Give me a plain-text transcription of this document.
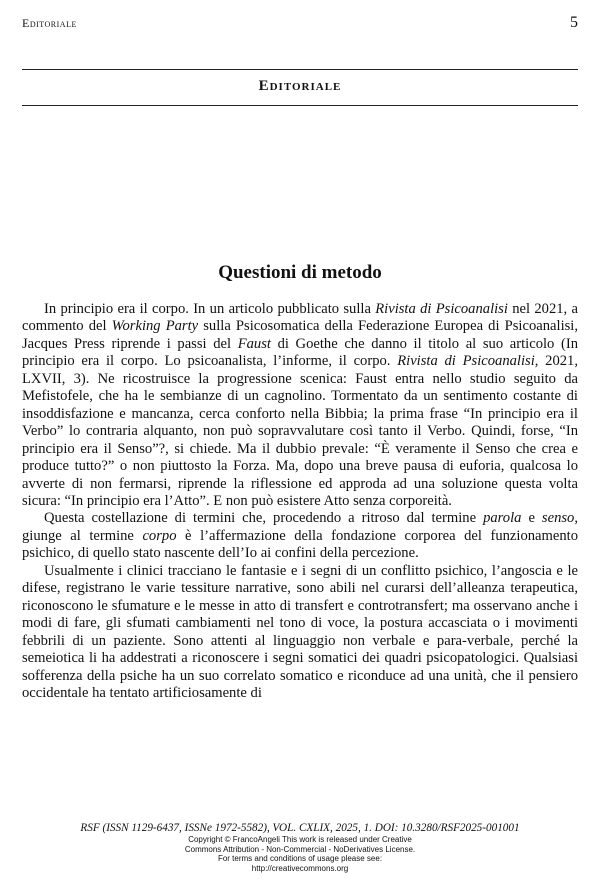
Editoriale	5
Editoriale
Questioni di metodo

In principio era il corpo. In un articolo pubblicato sulla Rivista di Psicoanalisi nel 2021, a commento del Working Party sulla Psicosomatica della Federazione Europea di Psicoanalisi, Jacques Press riprende i passi del Faust di Goethe che danno il titolo al suo articolo (In principio era il corpo. Lo psicoanalista, l’informe, il corpo. Rivista di Psicoanalisi, 2021, LXVII, 3). Ne ricostruisce la progressione scenica: Faust entra nello studio seguito da Mefistofele, che ha le sembianze di un cagnolino. Tormentato da un sentimento costante di insoddisfazione e mancanza, cerca conforto nella Bibbia; la prima frase “In principio era il Verbo” lo contraria alquanto, non può sopravvalutare così tanto il Verbo. Quindi, forse, “In principio era il Senso”?, si chiede. Ma il dubbio prevale: “È veramente il Senso che crea e produce tutto?” o non piuttosto la Forza. Ma, dopo una breve pausa di euforia, qualcosa lo avverte di non fermarsi, riprende la riflessione ed approda ad una soluzione questa volta sicura: “In principio era l’Atto”. E non può esistere Atto senza corporeità.

Questa costellazione di termini che, procedendo a ritroso dal termine parola e senso, giunge al termine corpo è l’affermazione della fondazione corporea del funzionamento psichico, di quello stato nascente dell’Io ai confini della percezione.

Usualmente i clinici tracciano le fantasie e i segni di un conflitto psichico, l’angoscia e le difese, registrano le varie tessiture narrative, sono abili nel curarsi dell’alleanza terapeutica, riconoscono le sfumature e le messe in atto di transfert e controtransfert; ma osservano anche i modi di fare, gli sfumati cambiamenti nel tono di voce, la postura accasciata o i movimenti febbrili di un paziente. Sono attenti al linguaggio non verbale e para-verbale, perché la semeiotica li ha addestrati a riconoscere i segni somatici dei quadri psicopatologici. Qualsiasi sofferenza della psiche ha un suo correlato somatico e riconduce ad una unità, che il pensiero occidentale ha tentato artificiosamente di

RSF (ISSN 1129-6437, ISSNe 1972-5582), VOL. CXLIX, 2025, 1. DOI: 10.3280/RSF2025-001001
Copyright © FrancoAngeli This work is released under Creative
Commons Attribution - Non-Commercial - NoDerivatives License.
For terms and conditions of usage please see:
http://creativecommons.org
